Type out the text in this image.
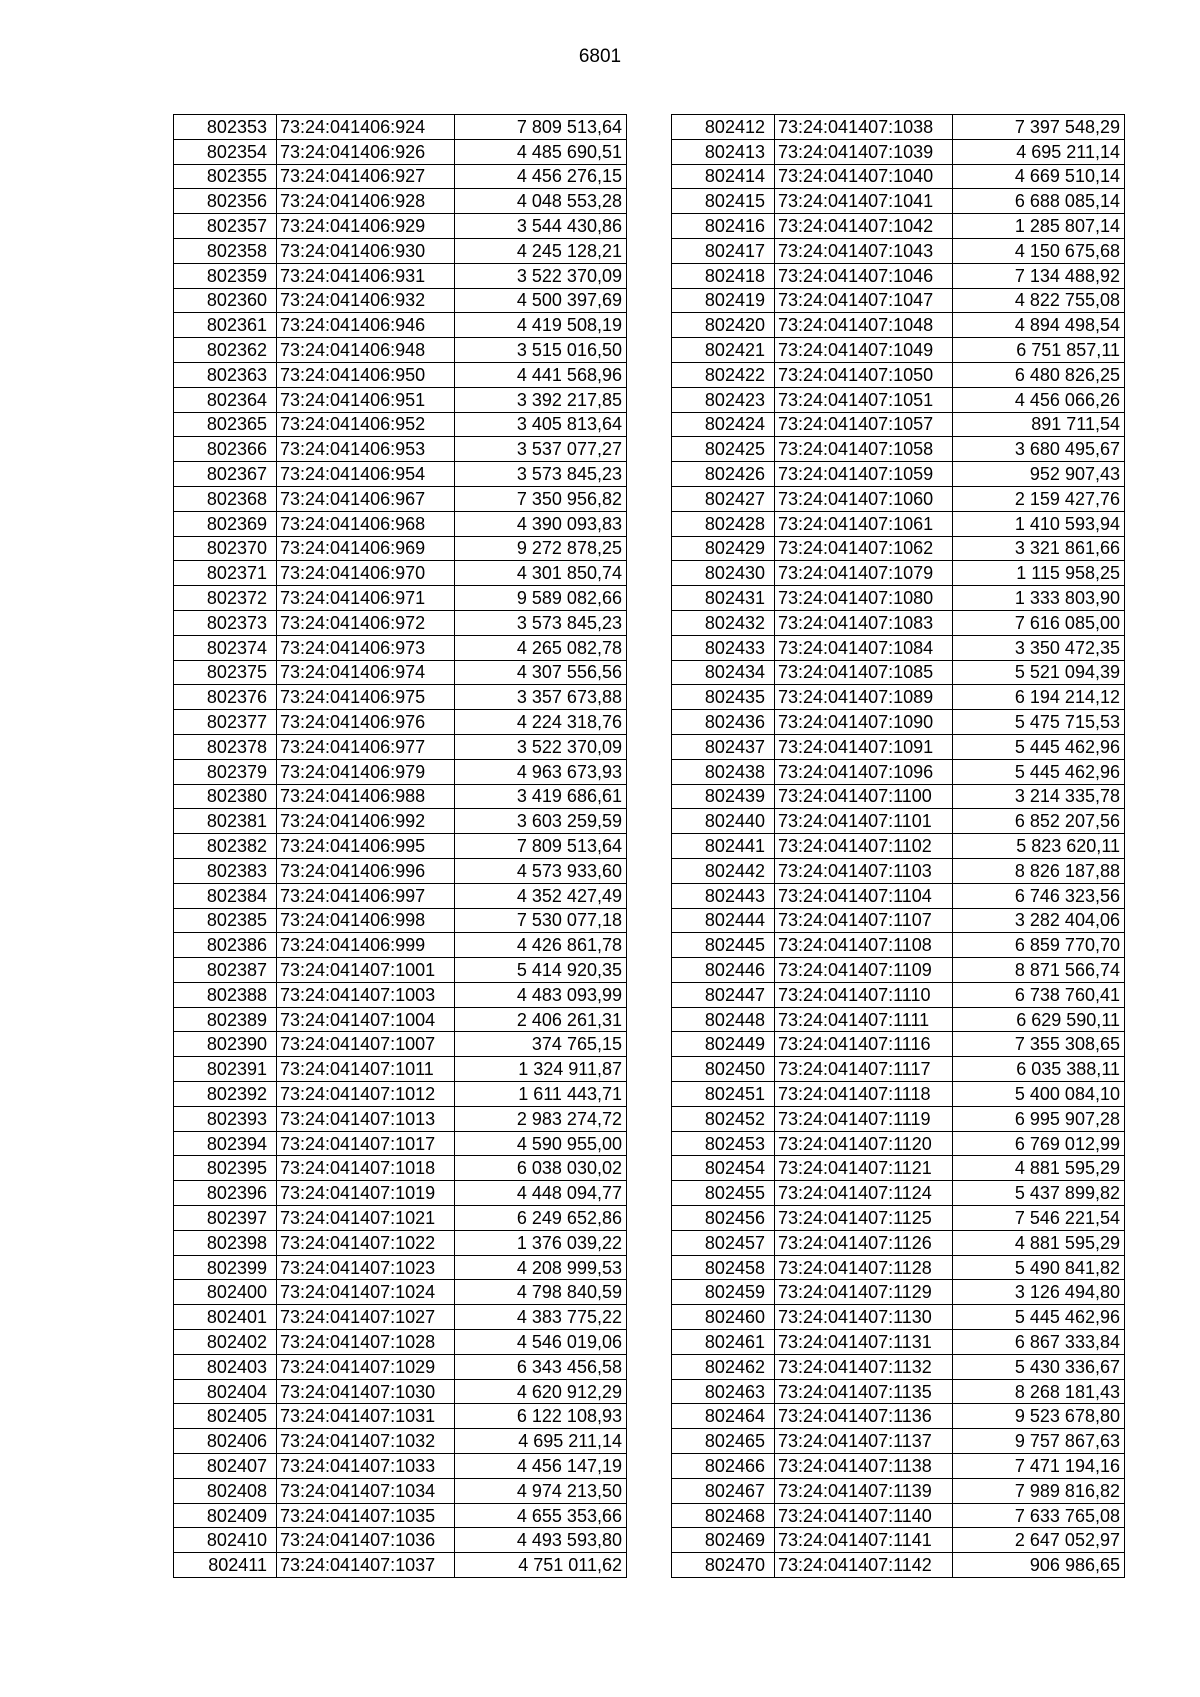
6801
802353	73:24:041406:924	7 809 513,64
802354	73:24:041406:926	4 485 690,51
802355	73:24:041406:927	4 456 276,15
802356	73:24:041406:928	4 048 553,28
802357	73:24:041406:929	3 544 430,86
802358	73:24:041406:930	4 245 128,21
802359	73:24:041406:931	3 522 370,09
802360	73:24:041406:932	4 500 397,69
802361	73:24:041406:946	4 419 508,19
802362	73:24:041406:948	3 515 016,50
802363	73:24:041406:950	4 441 568,96
802364	73:24:041406:951	3 392 217,85
802365	73:24:041406:952	3 405 813,64
802366	73:24:041406:953	3 537 077,27
802367	73:24:041406:954	3 573 845,23
802368	73:24:041406:967	7 350 956,82
802369	73:24:041406:968	4 390 093,83
802370	73:24:041406:969	9 272 878,25
802371	73:24:041406:970	4 301 850,74
802372	73:24:041406:971	9 589 082,66
802373	73:24:041406:972	3 573 845,23
802374	73:24:041406:973	4 265 082,78
802375	73:24:041406:974	4 307 556,56
802376	73:24:041406:975	3 357 673,88
802377	73:24:041406:976	4 224 318,76
802378	73:24:041406:977	3 522 370,09
802379	73:24:041406:979	4 963 673,93
802380	73:24:041406:988	3 419 686,61
802381	73:24:041406:992	3 603 259,59
802382	73:24:041406:995	7 809 513,64
802383	73:24:041406:996	4 573 933,60
802384	73:24:041406:997	4 352 427,49
802385	73:24:041406:998	7 530 077,18
802386	73:24:041406:999	4 426 861,78
802387	73:24:041407:1001	5 414 920,35
802388	73:24:041407:1003	4 483 093,99
802389	73:24:041407:1004	2 406 261,31
802390	73:24:041407:1007	374 765,15
802391	73:24:041407:1011	1 324 911,87
802392	73:24:041407:1012	1 611 443,71
802393	73:24:041407:1013	2 983 274,72
802394	73:24:041407:1017	4 590 955,00
802395	73:24:041407:1018	6 038 030,02
802396	73:24:041407:1019	4 448 094,77
802397	73:24:041407:1021	6 249 652,86
802398	73:24:041407:1022	1 376 039,22
802399	73:24:041407:1023	4 208 999,53
802400	73:24:041407:1024	4 798 840,59
802401	73:24:041407:1027	4 383 775,22
802402	73:24:041407:1028	4 546 019,06
802403	73:24:041407:1029	6 343 456,58
802404	73:24:041407:1030	4 620 912,29
802405	73:24:041407:1031	6 122 108,93
802406	73:24:041407:1032	4 695 211,14
802407	73:24:041407:1033	4 456 147,19
802408	73:24:041407:1034	4 974 213,50
802409	73:24:041407:1035	4 655 353,66
802410	73:24:041407:1036	4 493 593,80
802411	73:24:041407:1037	4 751 011,62
802412	73:24:041407:1038	7 397 548,29
802413	73:24:041407:1039	4 695 211,14
802414	73:24:041407:1040	4 669 510,14
802415	73:24:041407:1041	6 688 085,14
802416	73:24:041407:1042	1 285 807,14
802417	73:24:041407:1043	4 150 675,68
802418	73:24:041407:1046	7 134 488,92
802419	73:24:041407:1047	4 822 755,08
802420	73:24:041407:1048	4 894 498,54
802421	73:24:041407:1049	6 751 857,11
802422	73:24:041407:1050	6 480 826,25
802423	73:24:041407:1051	4 456 066,26
802424	73:24:041407:1057	891 711,54
802425	73:24:041407:1058	3 680 495,67
802426	73:24:041407:1059	952 907,43
802427	73:24:041407:1060	2 159 427,76
802428	73:24:041407:1061	1 410 593,94
802429	73:24:041407:1062	3 321 861,66
802430	73:24:041407:1079	1 115 958,25
802431	73:24:041407:1080	1 333 803,90
802432	73:24:041407:1083	7 616 085,00
802433	73:24:041407:1084	3 350 472,35
802434	73:24:041407:1085	5 521 094,39
802435	73:24:041407:1089	6 194 214,12
802436	73:24:041407:1090	5 475 715,53
802437	73:24:041407:1091	5 445 462,96
802438	73:24:041407:1096	5 445 462,96
802439	73:24:041407:1100	3 214 335,78
802440	73:24:041407:1101	6 852 207,56
802441	73:24:041407:1102	5 823 620,11
802442	73:24:041407:1103	8 826 187,88
802443	73:24:041407:1104	6 746 323,56
802444	73:24:041407:1107	3 282 404,06
802445	73:24:041407:1108	6 859 770,70
802446	73:24:041407:1109	8 871 566,74
802447	73:24:041407:1110	6 738 760,41
802448	73:24:041407:1111	6 629 590,11
802449	73:24:041407:1116	7 355 308,65
802450	73:24:041407:1117	6 035 388,11
802451	73:24:041407:1118	5 400 084,10
802452	73:24:041407:1119	6 995 907,28
802453	73:24:041407:1120	6 769 012,99
802454	73:24:041407:1121	4 881 595,29
802455	73:24:041407:1124	5 437 899,82
802456	73:24:041407:1125	7 546 221,54
802457	73:24:041407:1126	4 881 595,29
802458	73:24:041407:1128	5 490 841,82
802459	73:24:041407:1129	3 126 494,80
802460	73:24:041407:1130	5 445 462,96
802461	73:24:041407:1131	6 867 333,84
802462	73:24:041407:1132	5 430 336,67
802463	73:24:041407:1135	8 268 181,43
802464	73:24:041407:1136	9 523 678,80
802465	73:24:041407:1137	9 757 867,63
802466	73:24:041407:1138	7 471 194,16
802467	73:24:041407:1139	7 989 816,82
802468	73:24:041407:1140	7 633 765,08
802469	73:24:041407:1141	2 647 052,97
802470	73:24:041407:1142	906 986,65
